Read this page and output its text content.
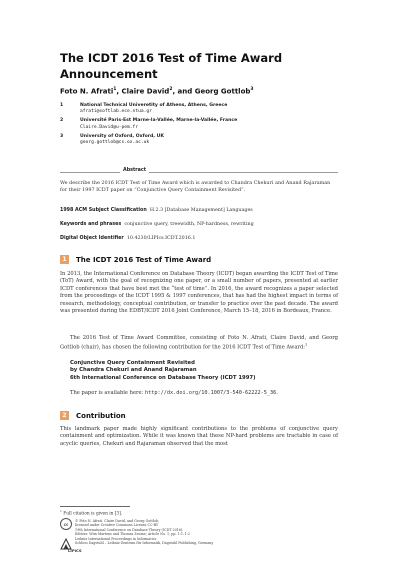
The ICDT 2016 Test of Time Award Announcement
Foto N. Afrati$^1$, Claire David$^2$, and Georg Gottlob$^3$
1	National Technical Univeretity of Athens, Athens, Greece
afrati@softlab.ece.ntua.gr
2	Université Paris-Est Marne-la-Vallée, Marne-la-Vallée, France
Claire.David@u-pem.fr
3	University of Oxford, Oxford, UK
georg.gottlob@cs.ox.ac.uk
Abstract
We describe the 2016 ICDT Test of Time Award which is awarded to Chandra Chekuri and Anand Rajaraman for their 1997 ICDT paper on “Conjunctive Query Containment Revisited”.
1998 ACM Subject Classification H.2.3 [Database Management] Languages
Keywords and phrases conjunctive query, treewidth, NP-hardness, rewriting
Digital Object Identifier 10.4230/LIPIcs.ICDT.2016.1
1	The ICDT 2016 Test of Time Award
In 2013, the International Conference on Database Theory (ICDT) began awarding the ICDT Test of Time (ToT) Award, with the goal of recognizing one paper, or a small number of papers, presented at earlier ICDT conferences that have best met the “test of time”. In 2016, the award recognizes a paper selected from the proceedings of the ICDT 1995 & 1997 conferences, that has had the highest impact in terms of research, methodology, conceptual contribution, or transfer to practice over the past decade. The award was presented during the EDBT/ICDT 2016 Joint Conference, March 15–18, 2016 in Bordeaux, France.
The 2016 Test of Time Award Committee, consisting of Foto N. Afrati, Claire David, and Georg Gottlob (chair), has chosen the following contribution for the 2016 ICDT Test of Time Award:$^1$
Conjunctive Query Containment Revisited
by Chandra Chekuri and Anand Rajaraman
6th International Conference on Database Theory (ICDT 1997)
The paper is available here: http://dx.doi.org/10.1007/3-540-62222-5_36.
2	Contribution
This landmark paper made highly significant contributions to the problems of conjunctive query containment and optimization. While it was known that these NP-hard problems are tractable in case of acyclic queries, Chekuri and Rajaraman observed that the most
$^1$ Full citation is given in [3].
cc
© Foto N. Afrati, Claire David, and Georg Gottlob;
licensed under Creative Commons License CC-BY
19th International Conference on Database Theory (ICDT 2016).
Editors: Wim Martens and Thomas Zeume; Article No. 1; pp. 1:1–1:2
Leibniz International Proceedings in Informatics
Schloss Dagstuhl – Leibniz-Zentrum für Informatik, Dagstuhl Publishing, Germany
LIPICS
